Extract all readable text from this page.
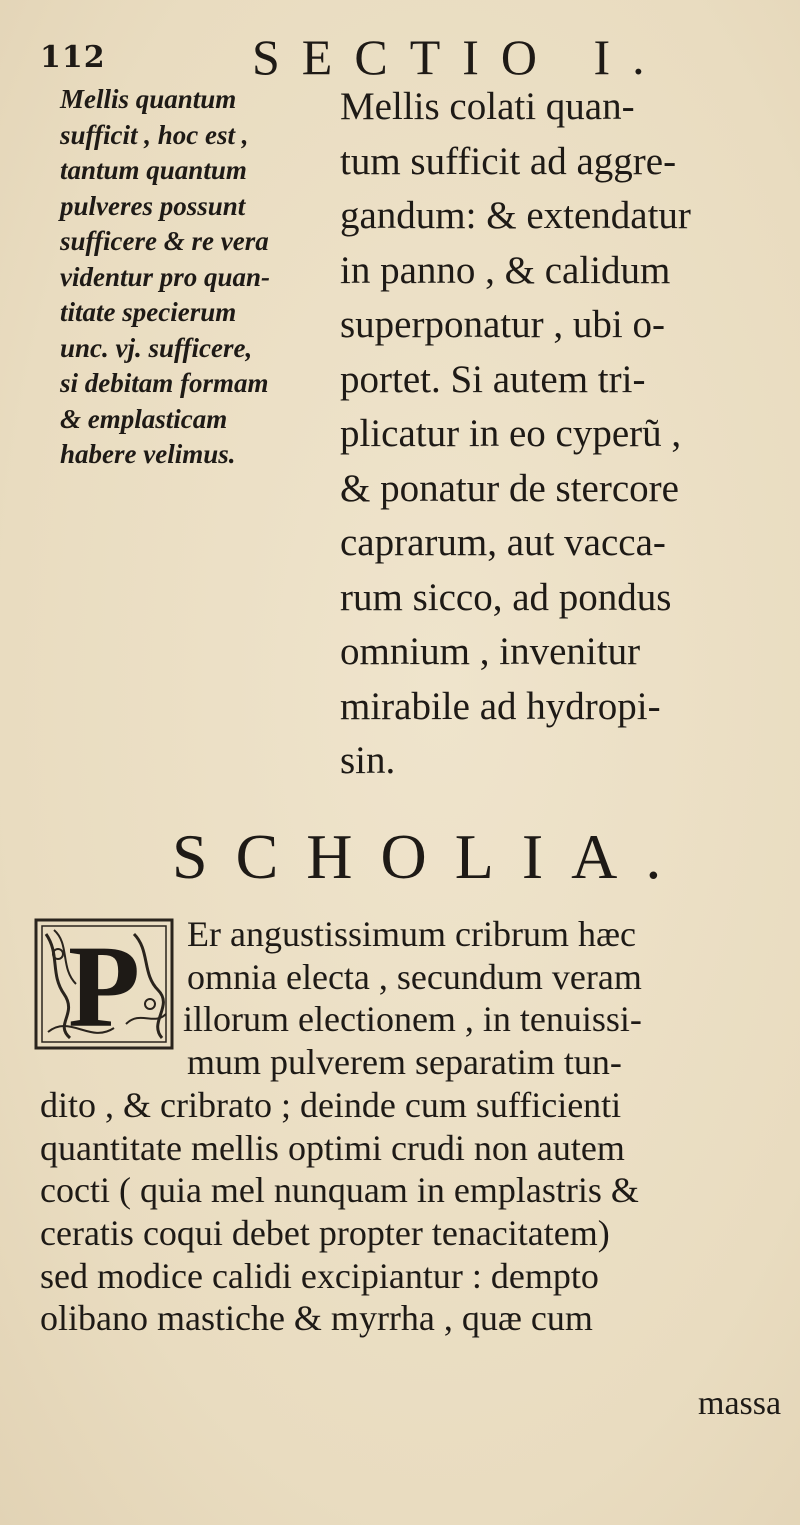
112	SECTIO I.
Mellis quantum
sufficit , hoc est ,
tantum quantum
pulveres possunt
sufficere & re vera
videntur pro quan-
titate specierum
unc. vj. sufficere,
si debitam formam
& emplasticam
habere velimus.
Mellis colati quan-
tum sufficit ad aggre-
gandum: & extendatur
in panno , & calidum
superponatur , ubi o-
portet. Si autem tri-
plicatur in eo cyperũ ,
& ponatur de stercore
caprarum, aut vacca-
rum sicco, ad pondus
omnium , invenitur
mirabile ad hydropi-
sin.
SCHOLIA.
P Er angustissimum cribrum hæc
omnia electa , secundum veram
illorum electionem , in tenuissi-
mum pulverem separatim tun-
dito , & cribrato ; deinde cum sufficienti
quantitate mellis optimi crudi non autem
cocti ( quia mel nunquam in emplastris &
ceratis coqui debet propter tenacitatem)
sed modice calidi excipiantur : dempto
olibano mastiche & myrrha , quæ cum
massa
